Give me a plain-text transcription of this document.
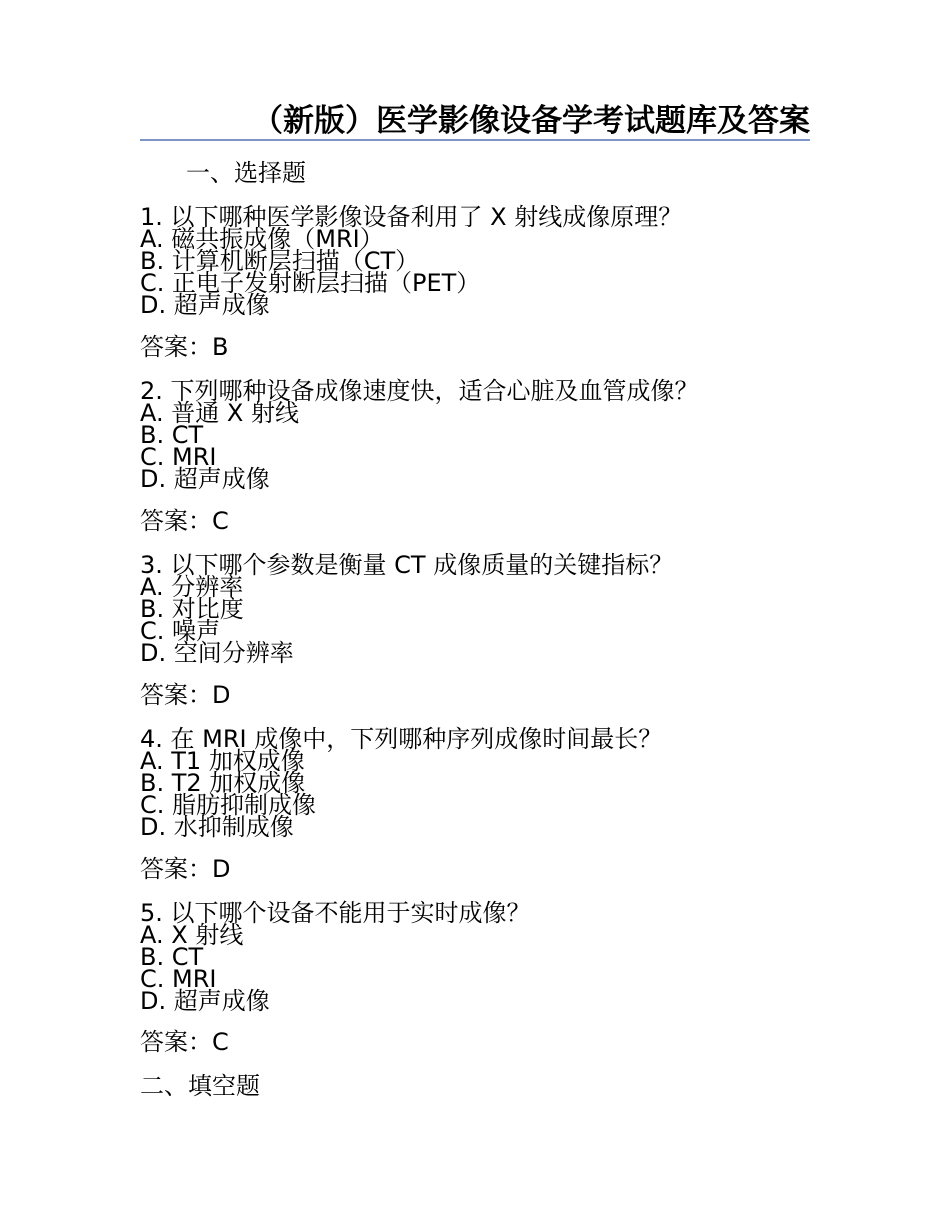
（新版）医学影像设备学考试题库及答案
一、选择题
1. 以下哪种医学影像设备利用了 X 射线成像原理？
A. 磁共振成像（MRI）
B. 计算机断层扫描（CT）
C. 正电子发射断层扫描（PET）
D. 超声成像
答案：B
2. 下列哪种设备成像速度快，适合心脏及血管成像？
A. 普通 X 射线
B. CT
C. MRI
D. 超声成像
答案：C
3. 以下哪个参数是衡量 CT 成像质量的关键指标？
A. 分辨率
B. 对比度
C. 噪声
D. 空间分辨率
答案：D
4. 在 MRI 成像中，下列哪种序列成像时间最长？
A. T1 加权成像
B. T2 加权成像
C. 脂肪抑制成像
D. 水抑制成像
答案：D
5. 以下哪个设备不能用于实时成像？
A. X 射线
B. CT
C. MRI
D. 超声成像
答案：C
二、填空题
